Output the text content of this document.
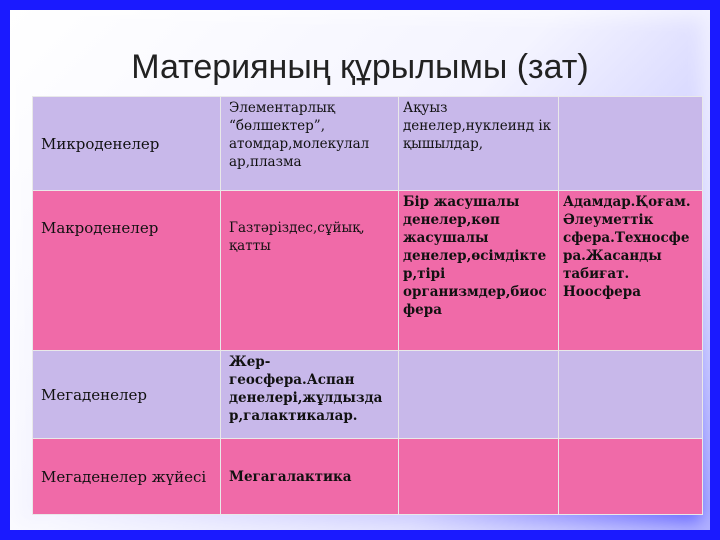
Материяның құрылымы (зат)
Микроденелер	Элементарлық “бөлшектер”, атомдар,молекулал ар,плазма	Ақуыз денелер,нуклеинд ік қышылдар,	
Макроденелер	Газтәріздес,сұйық, қатты	Бір жасушалы денелер,көп жасушалы денелер,өсімдікте р,тірі организмдер,биос фера	Адамдар.Қоғам. Әлеуметтік сфера.Техносфе ра.Жасанды табиғат. Ноосфера
Мегаденелер	Жер-геосфера.Аспан денелері,жұлдызда р,галактикалар.		
Мегаденелер жүйесі	Мегагалактика		
